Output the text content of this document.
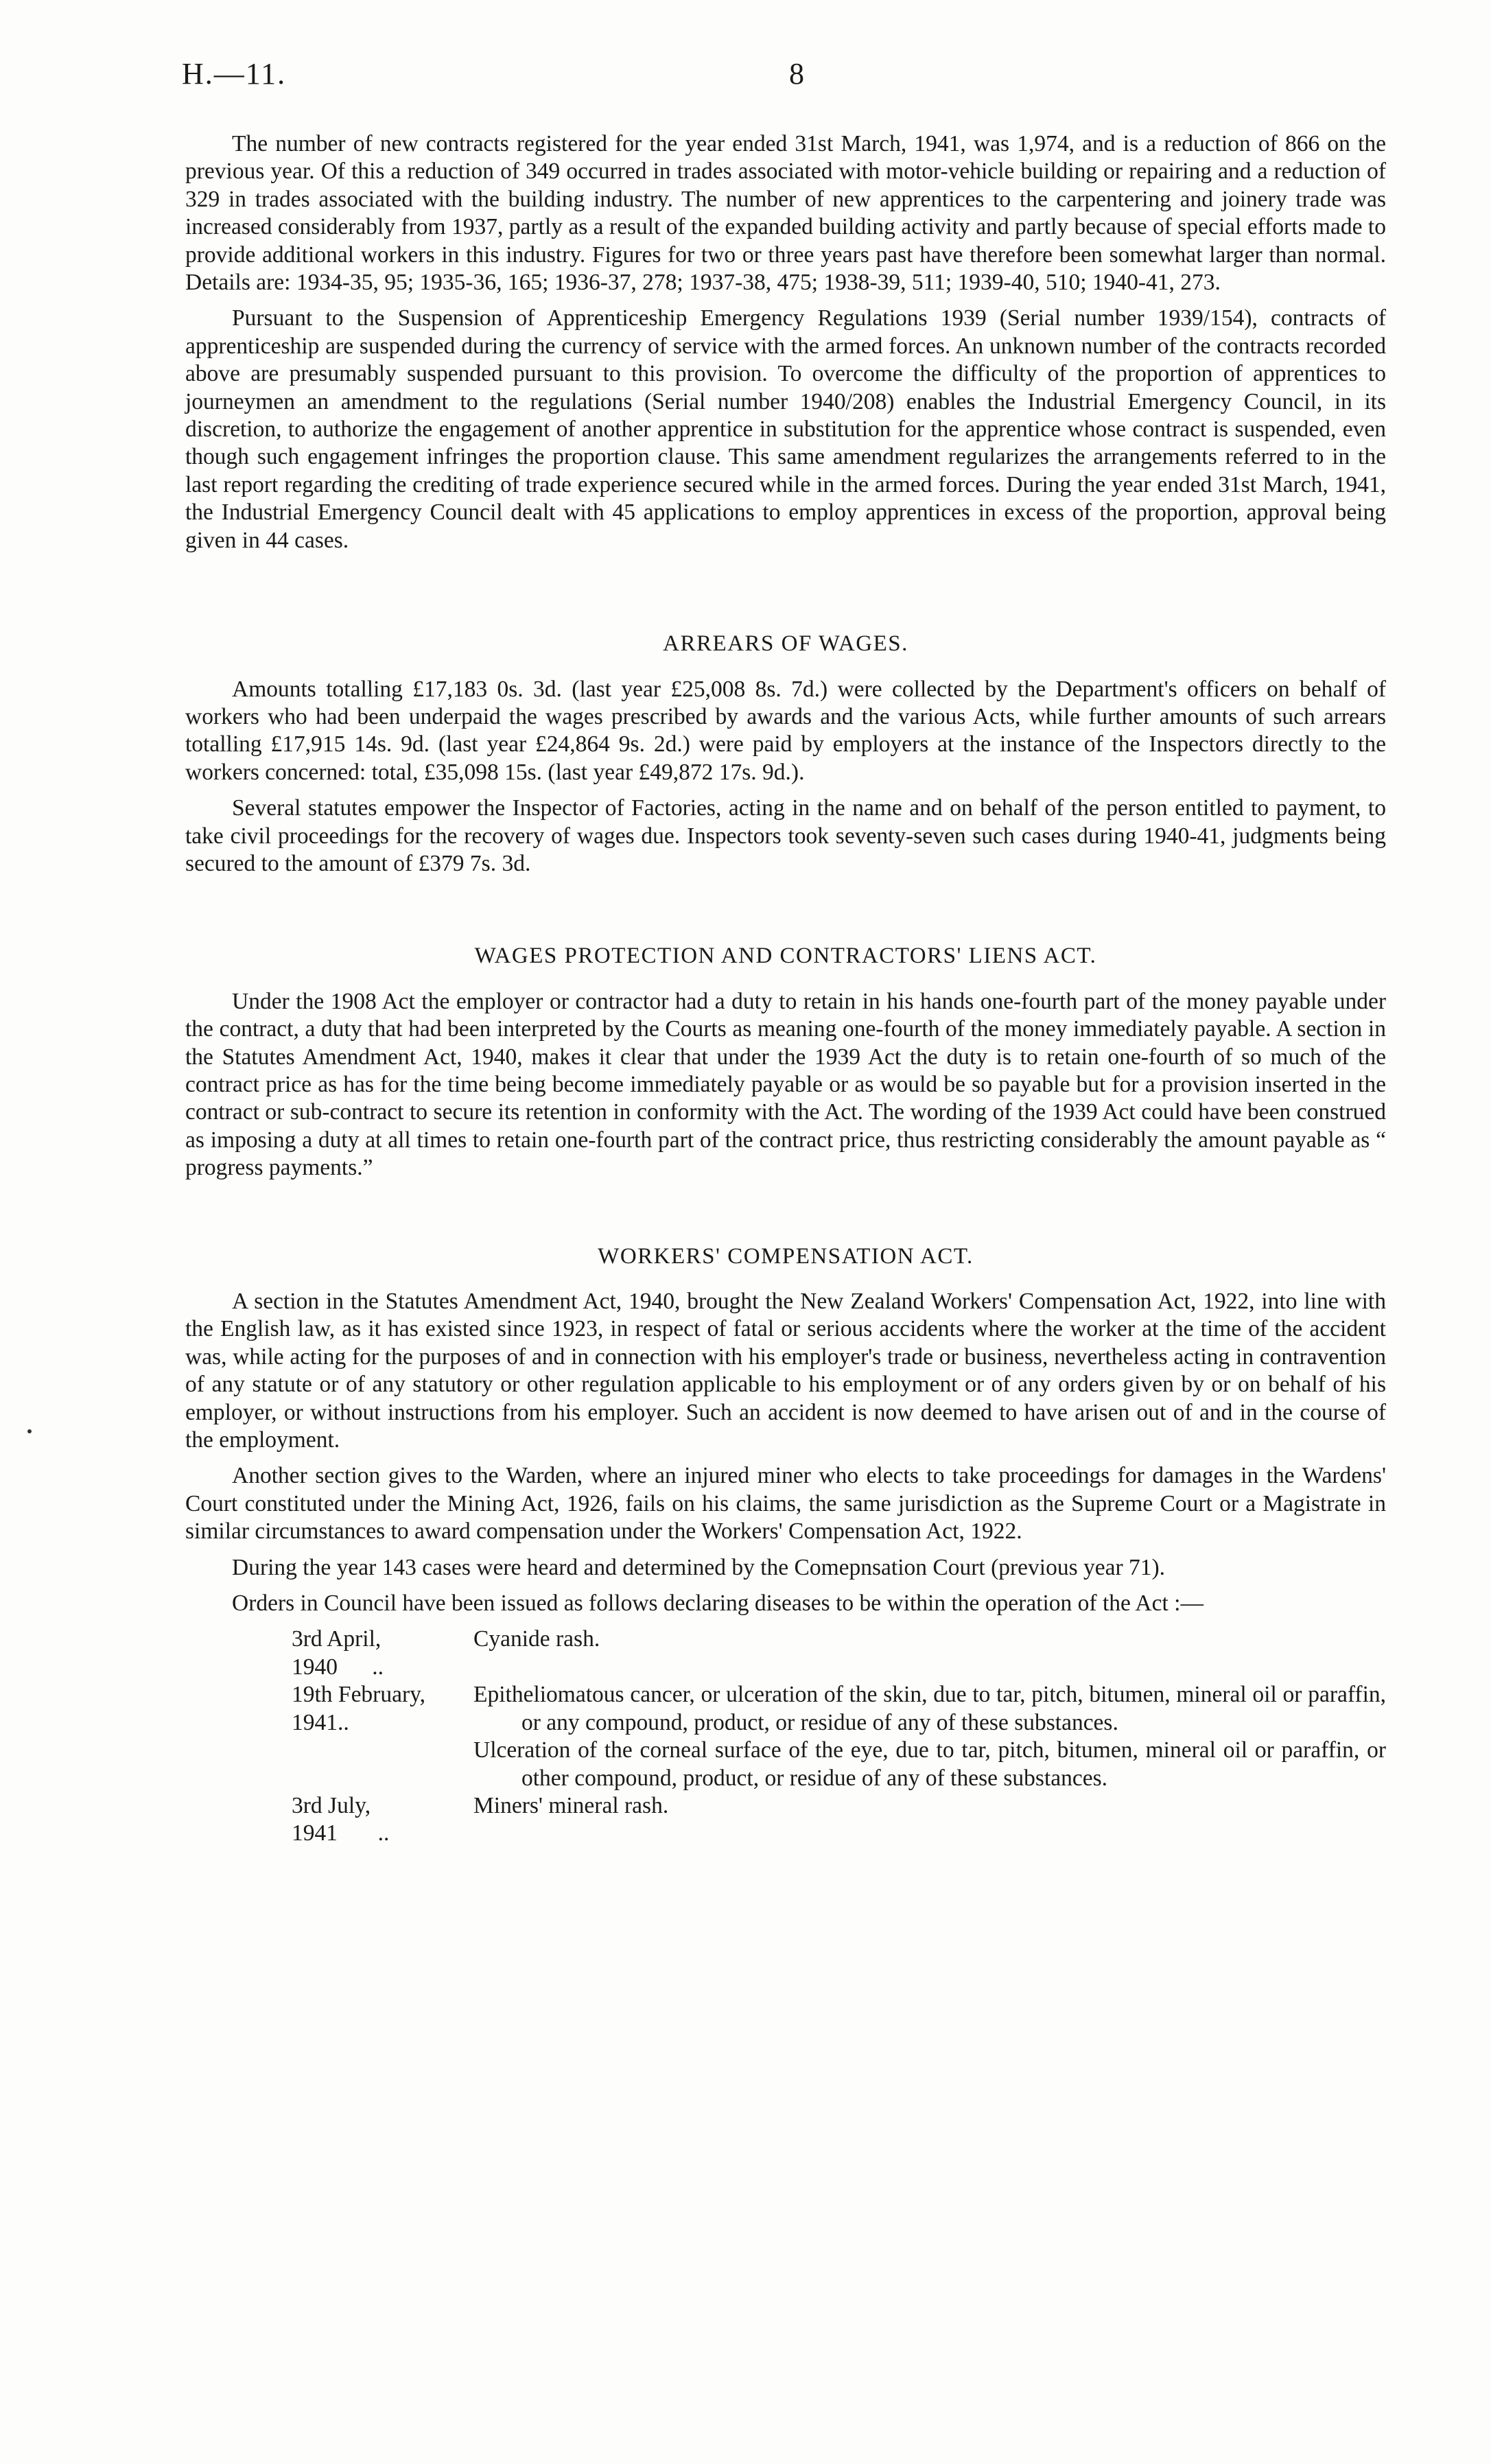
H.—11.	8

The number of new contracts registered for the year ended 31st March, 1941, was 1,974, and is a reduction of 866 on the previous year. Of this a reduction of 349 occurred in trades associated with motor-vehicle building or repairing and a reduction of 329 in trades associated with the building industry. The number of new apprentices to the carpentering and joinery trade was increased considerably from 1937, partly as a result of the expanded building activity and partly because of special efforts made to provide additional workers in this industry. Figures for two or three years past have therefore been somewhat larger than normal. Details are: 1934-35, 95; 1935-36, 165; 1936-37, 278; 1937-38, 475; 1938-39, 511; 1939-40, 510; 1940-41, 273.

Pursuant to the Suspension of Apprenticeship Emergency Regulations 1939 (Serial number 1939/154), contracts of apprenticeship are suspended during the currency of service with the armed forces. An unknown number of the contracts recorded above are presumably suspended pursuant to this provision. To overcome the difficulty of the proportion of apprentices to journeymen an amendment to the regulations (Serial number 1940/208) enables the Industrial Emergency Council, in its discretion, to authorize the engagement of another apprentice in substitution for the apprentice whose contract is suspended, even though such engagement infringes the proportion clause. This same amendment regularizes the arrangements referred to in the last report regarding the crediting of trade experience secured while in the armed forces. During the year ended 31st March, 1941, the Industrial Emergency Council dealt with 45 applications to employ apprentices in excess of the proportion, approval being given in 44 cases.

ARREARS OF WAGES.

Amounts totalling £17,183 0s. 3d. (last year £25,008 8s. 7d.) were collected by the Department's officers on behalf of workers who had been underpaid the wages prescribed by awards and the various Acts, while further amounts of such arrears totalling £17,915 14s. 9d. (last year £24,864 9s. 2d.) were paid by employers at the instance of the Inspectors directly to the workers concerned: total, £35,098 15s. (last year £49,872 17s. 9d.).

Several statutes empower the Inspector of Factories, acting in the name and on behalf of the person entitled to payment, to take civil proceedings for the recovery of wages due. Inspectors took seventy-seven such cases during 1940-41, judgments being secured to the amount of £379 7s. 3d.

WAGES PROTECTION AND CONTRACTORS' LIENS ACT.

Under the 1908 Act the employer or contractor had a duty to retain in his hands one-fourth part of the money payable under the contract, a duty that had been interpreted by the Courts as meaning one-fourth of the money immediately payable. A section in the Statutes Amendment Act, 1940, makes it clear that under the 1939 Act the duty is to retain one-fourth of so much of the contract price as has for the time being become immediately payable or as would be so payable but for a provision inserted in the contract or sub-contract to secure its retention in conformity with the Act. The wording of the 1939 Act could have been construed as imposing a duty at all times to retain one-fourth part of the contract price, thus restricting considerably the amount payable as “ progress payments.”

WORKERS' COMPENSATION ACT.

A section in the Statutes Amendment Act, 1940, brought the New Zealand Workers' Compensation Act, 1922, into line with the English law, as it has existed since 1923, in respect of fatal or serious accidents where the worker at the time of the accident was, while acting for the purposes of and in connection with his employer's trade or business, nevertheless acting in contravention of any statute or of any statutory or other regulation applicable to his employment or of any orders given by or on behalf of his employer, or without instructions from his employer. Such an accident is now deemed to have arisen out of and in the course of the employment.

Another section gives to the Warden, where an injured miner who elects to take proceedings for damages in the Wardens' Court constituted under the Mining Act, 1926, fails on his claims, the same jurisdiction as the Supreme Court or a Magistrate in similar circumstances to award compensation under the Workers' Compensation Act, 1922.

During the year 143 cases were heard and determined by the Comepnsation Court (previous year 71).

Orders in Council have been issued as follows declaring diseases to be within the operation of the Act :—

3rd April, 1940 ..
Cyanide rash.
19th February, 1941..
Epitheliomatous cancer, or ulceration of the skin, due to tar, pitch, bitumen, mineral oil or paraffin, or any compound, product, or residue of any of these substances.
Ulceration of the corneal surface of the eye, due to tar, pitch, bitumen, mineral oil or paraffin, or other compound, product, or residue of any of these substances.
3rd July, 1941 ..
Miners' mineral rash.
